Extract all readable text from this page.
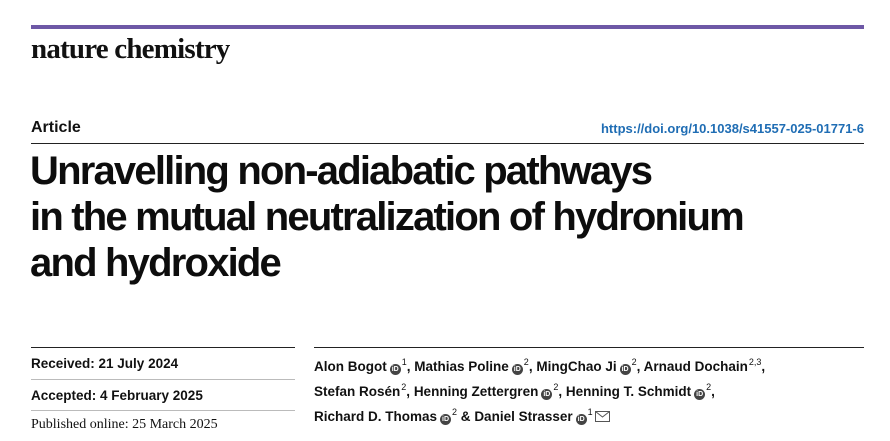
nature chemistry
Article	https://doi.org/10.1038/s41557-025-01771-6
Unravelling non-adiabatic pathways
in the mutual neutralization of hydronium
and hydroxide
Received: 21 July 2024
Accepted: 4 February 2025
Published online: 25 March 2025
Alon Bogot iD$^1$, Mathias Poline iD$^2$, MingChao Ji iD$^2$, Arnaud Dochain$^{2,3}$,
Stefan Rosén$^2$, Henning Zettergren iD$^2$, Henning T. Schmidt iD$^2$,
Richard D. Thomas iD$^2$ & Daniel Strasser iD$^1$
